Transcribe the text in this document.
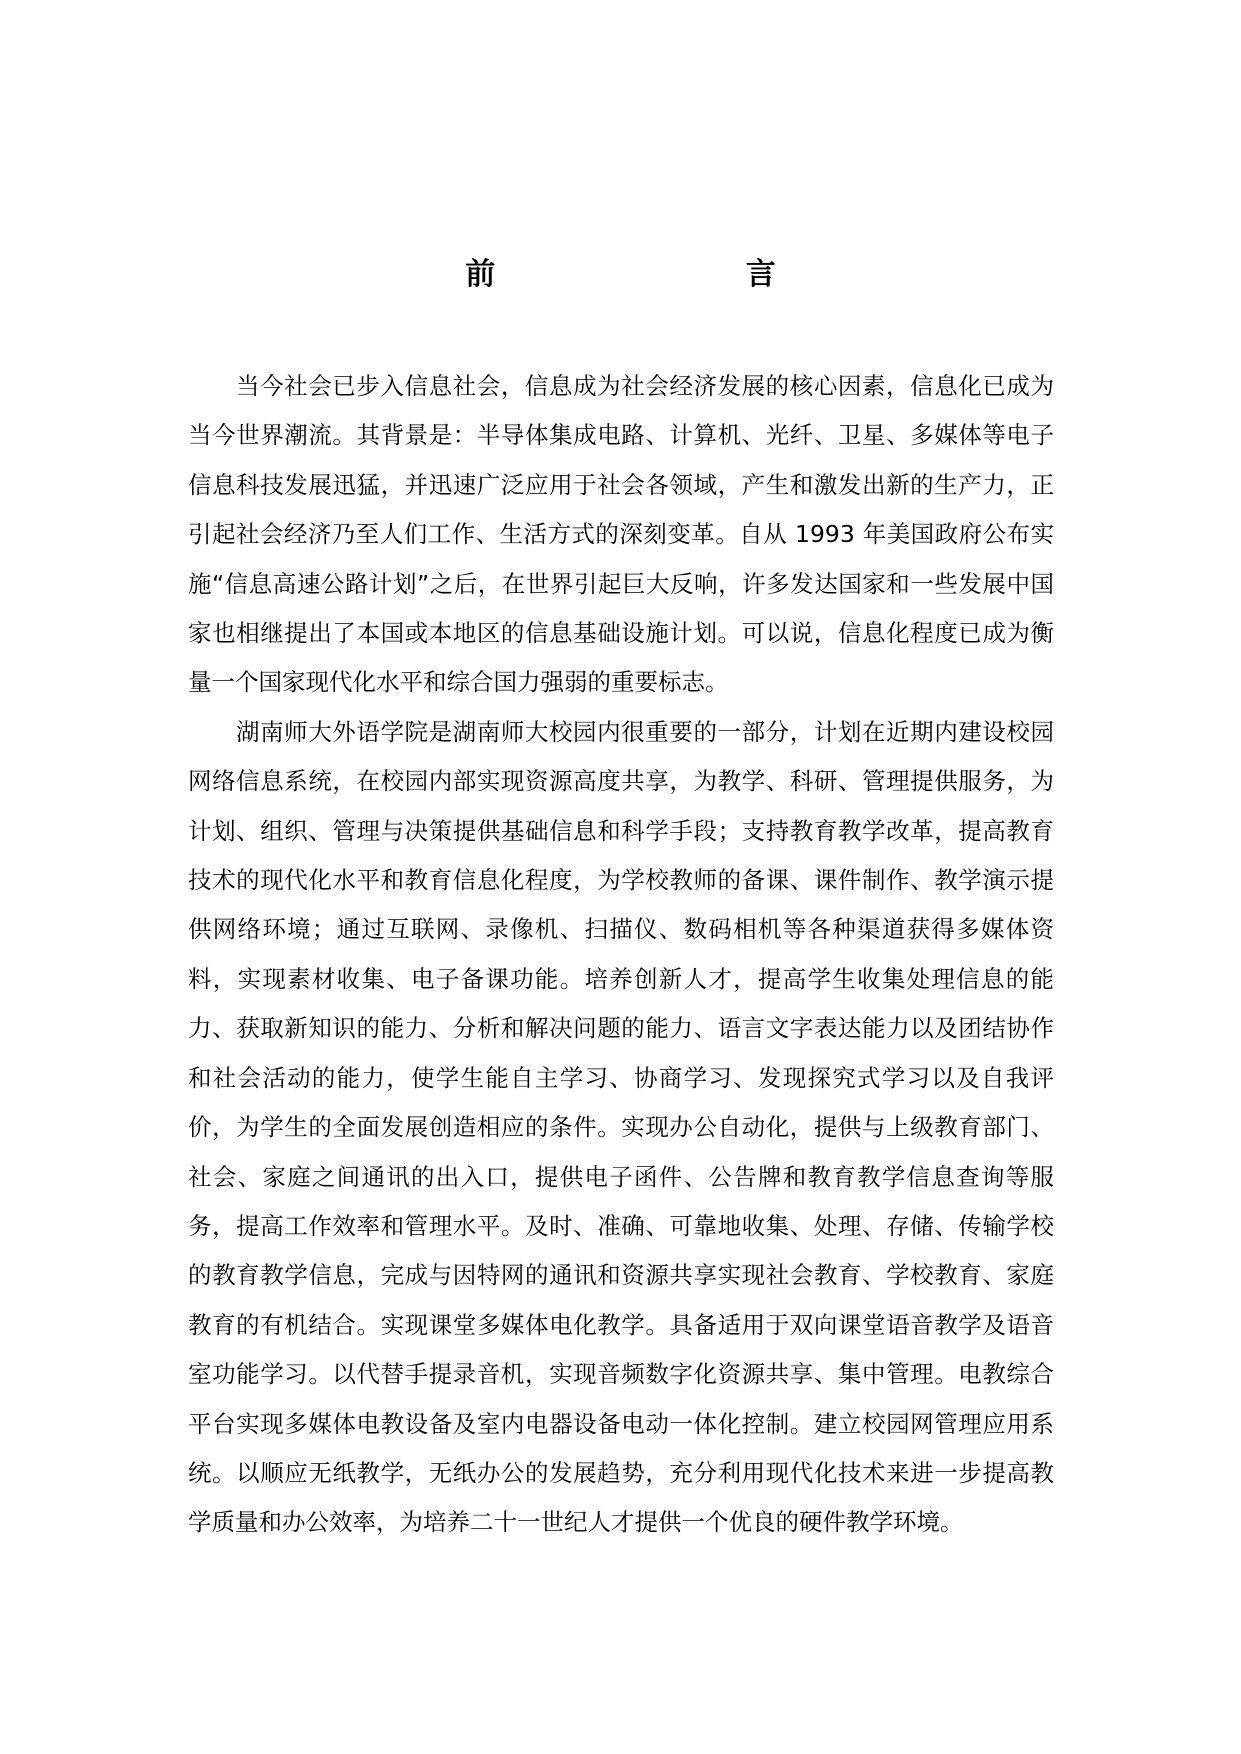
前 言

当今社会已步入信息社会，信息成为社会经济发展的核心因素，信息化已成为当今世界潮流。其背景是：半导体集成电路、计算机、光纤、卫星、多媒体等电子信息科技发展迅猛，并迅速广泛应用于社会各领域，产生和激发出新的生产力，正引起社会经济乃至人们工作、生活方式的深刻变革。自从 1993 年美国政府公布实施“信息高速公路计划”之后，在世界引起巨大反响，许多发达国家和一些发展中国家也相继提出了本国或本地区的信息基础设施计划。可以说，信息化程度已成为衡量一个国家现代化水平和综合国力强弱的重要标志。

湖南师大外语学院是湖南师大校园内很重要的一部分，计划在近期内建设校园网络信息系统，在校园内部实现资源高度共享，为教学、科研、管理提供服务，为计划、组织、管理与决策提供基础信息和科学手段；支持教育教学改革，提高教育技术的现代化水平和教育信息化程度，为学校教师的备课、课件制作、教学演示提供网络环境；通过互联网、录像机、扫描仪、数码相机等各种渠道获得多媒体资料，实现素材收集、电子备课功能。培养创新人才，提高学生收集处理信息的能力、获取新知识的能力、分析和解决问题的能力、语言文字表达能力以及团结协作和社会活动的能力，使学生能自主学习、协商学习、发现探究式学习以及自我评价，为学生的全面发展创造相应的条件。实现办公自动化，提供与上级教育部门、社会、家庭之间通讯的出入口，提供电子函件、公告牌和教育教学信息查询等服务，提高工作效率和管理水平。及时、准确、可靠地收集、处理、存储、传输学校的教育教学信息，完成与因特网的通讯和资源共享实现社会教育、学校教育、家庭教育的有机结合。实现课堂多媒体电化教学。具备适用于双向课堂语音教学及语音室功能学习。以代替手提录音机，实现音频数字化资源共享、集中管理。电教综合平台实现多媒体电教设备及室内电器设备电动一体化控制。建立校园网管理应用系统。以顺应无纸教学，无纸办公的发展趋势，充分利用现代化技术来进一步提高教学质量和办公效率，为培养二十一世纪人才提供一个优良的硬件教学环境。
